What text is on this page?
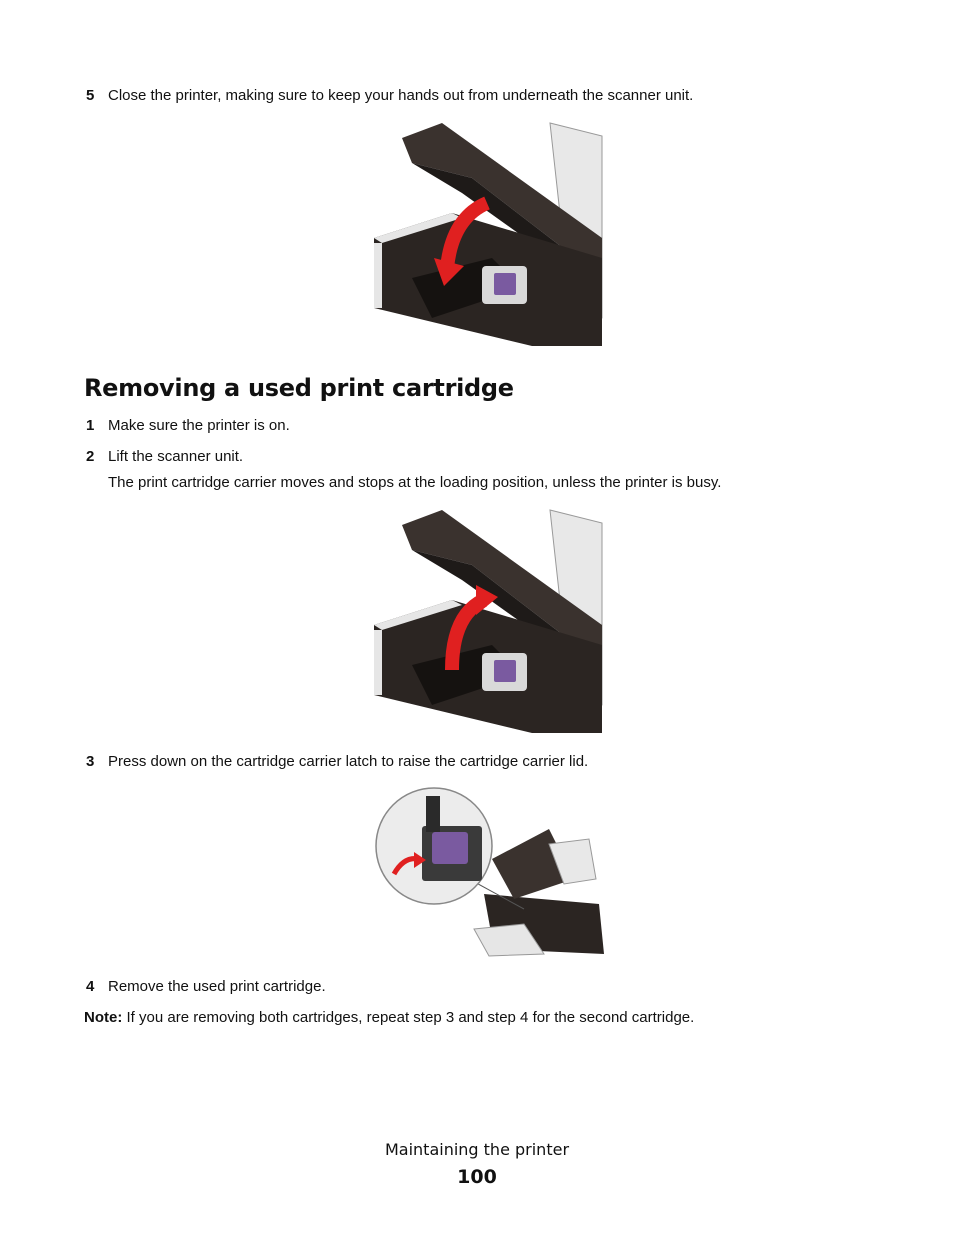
5 Close the printer, making sure to keep your hands out from underneath the scanner unit.
Removing a used print cartridge
1 Make sure the printer is on.
2 Lift the scanner unit.
The print cartridge carrier moves and stops at the loading position, unless the printer is busy.
3 Press down on the cartridge carrier latch to raise the cartridge carrier lid.
4 Remove the used print cartridge.
Note: If you are removing both cartridges, repeat step 3 and step 4 for the second cartridge.
Maintaining the printer
100
